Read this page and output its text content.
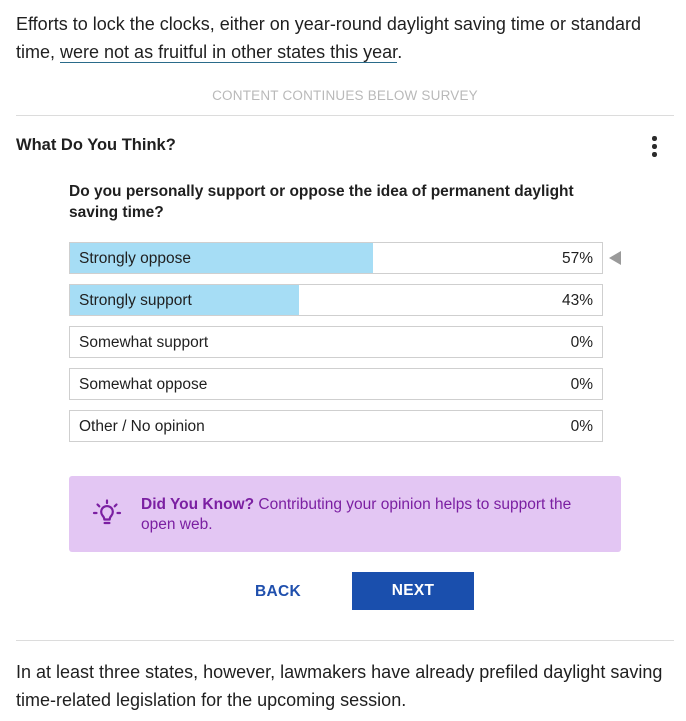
Efforts to lock the clocks, either on year-round daylight saving time or standard time, were not as fruitful in other states this year.

CONTENT CONTINUES BELOW SURVEY
What Do You Think?
Do you personally support or oppose the idea of permanent daylight saving time?
Strongly oppose	57%
Strongly support	43%
Somewhat support	0%
Somewhat oppose	0%
Other / No opinion	0%
Did You Know? Contributing your opinion helps to support the open web.
BACK	NEXT

In at least three states, however, lawmakers have already prefiled daylight saving time-related legislation for the upcoming session.
